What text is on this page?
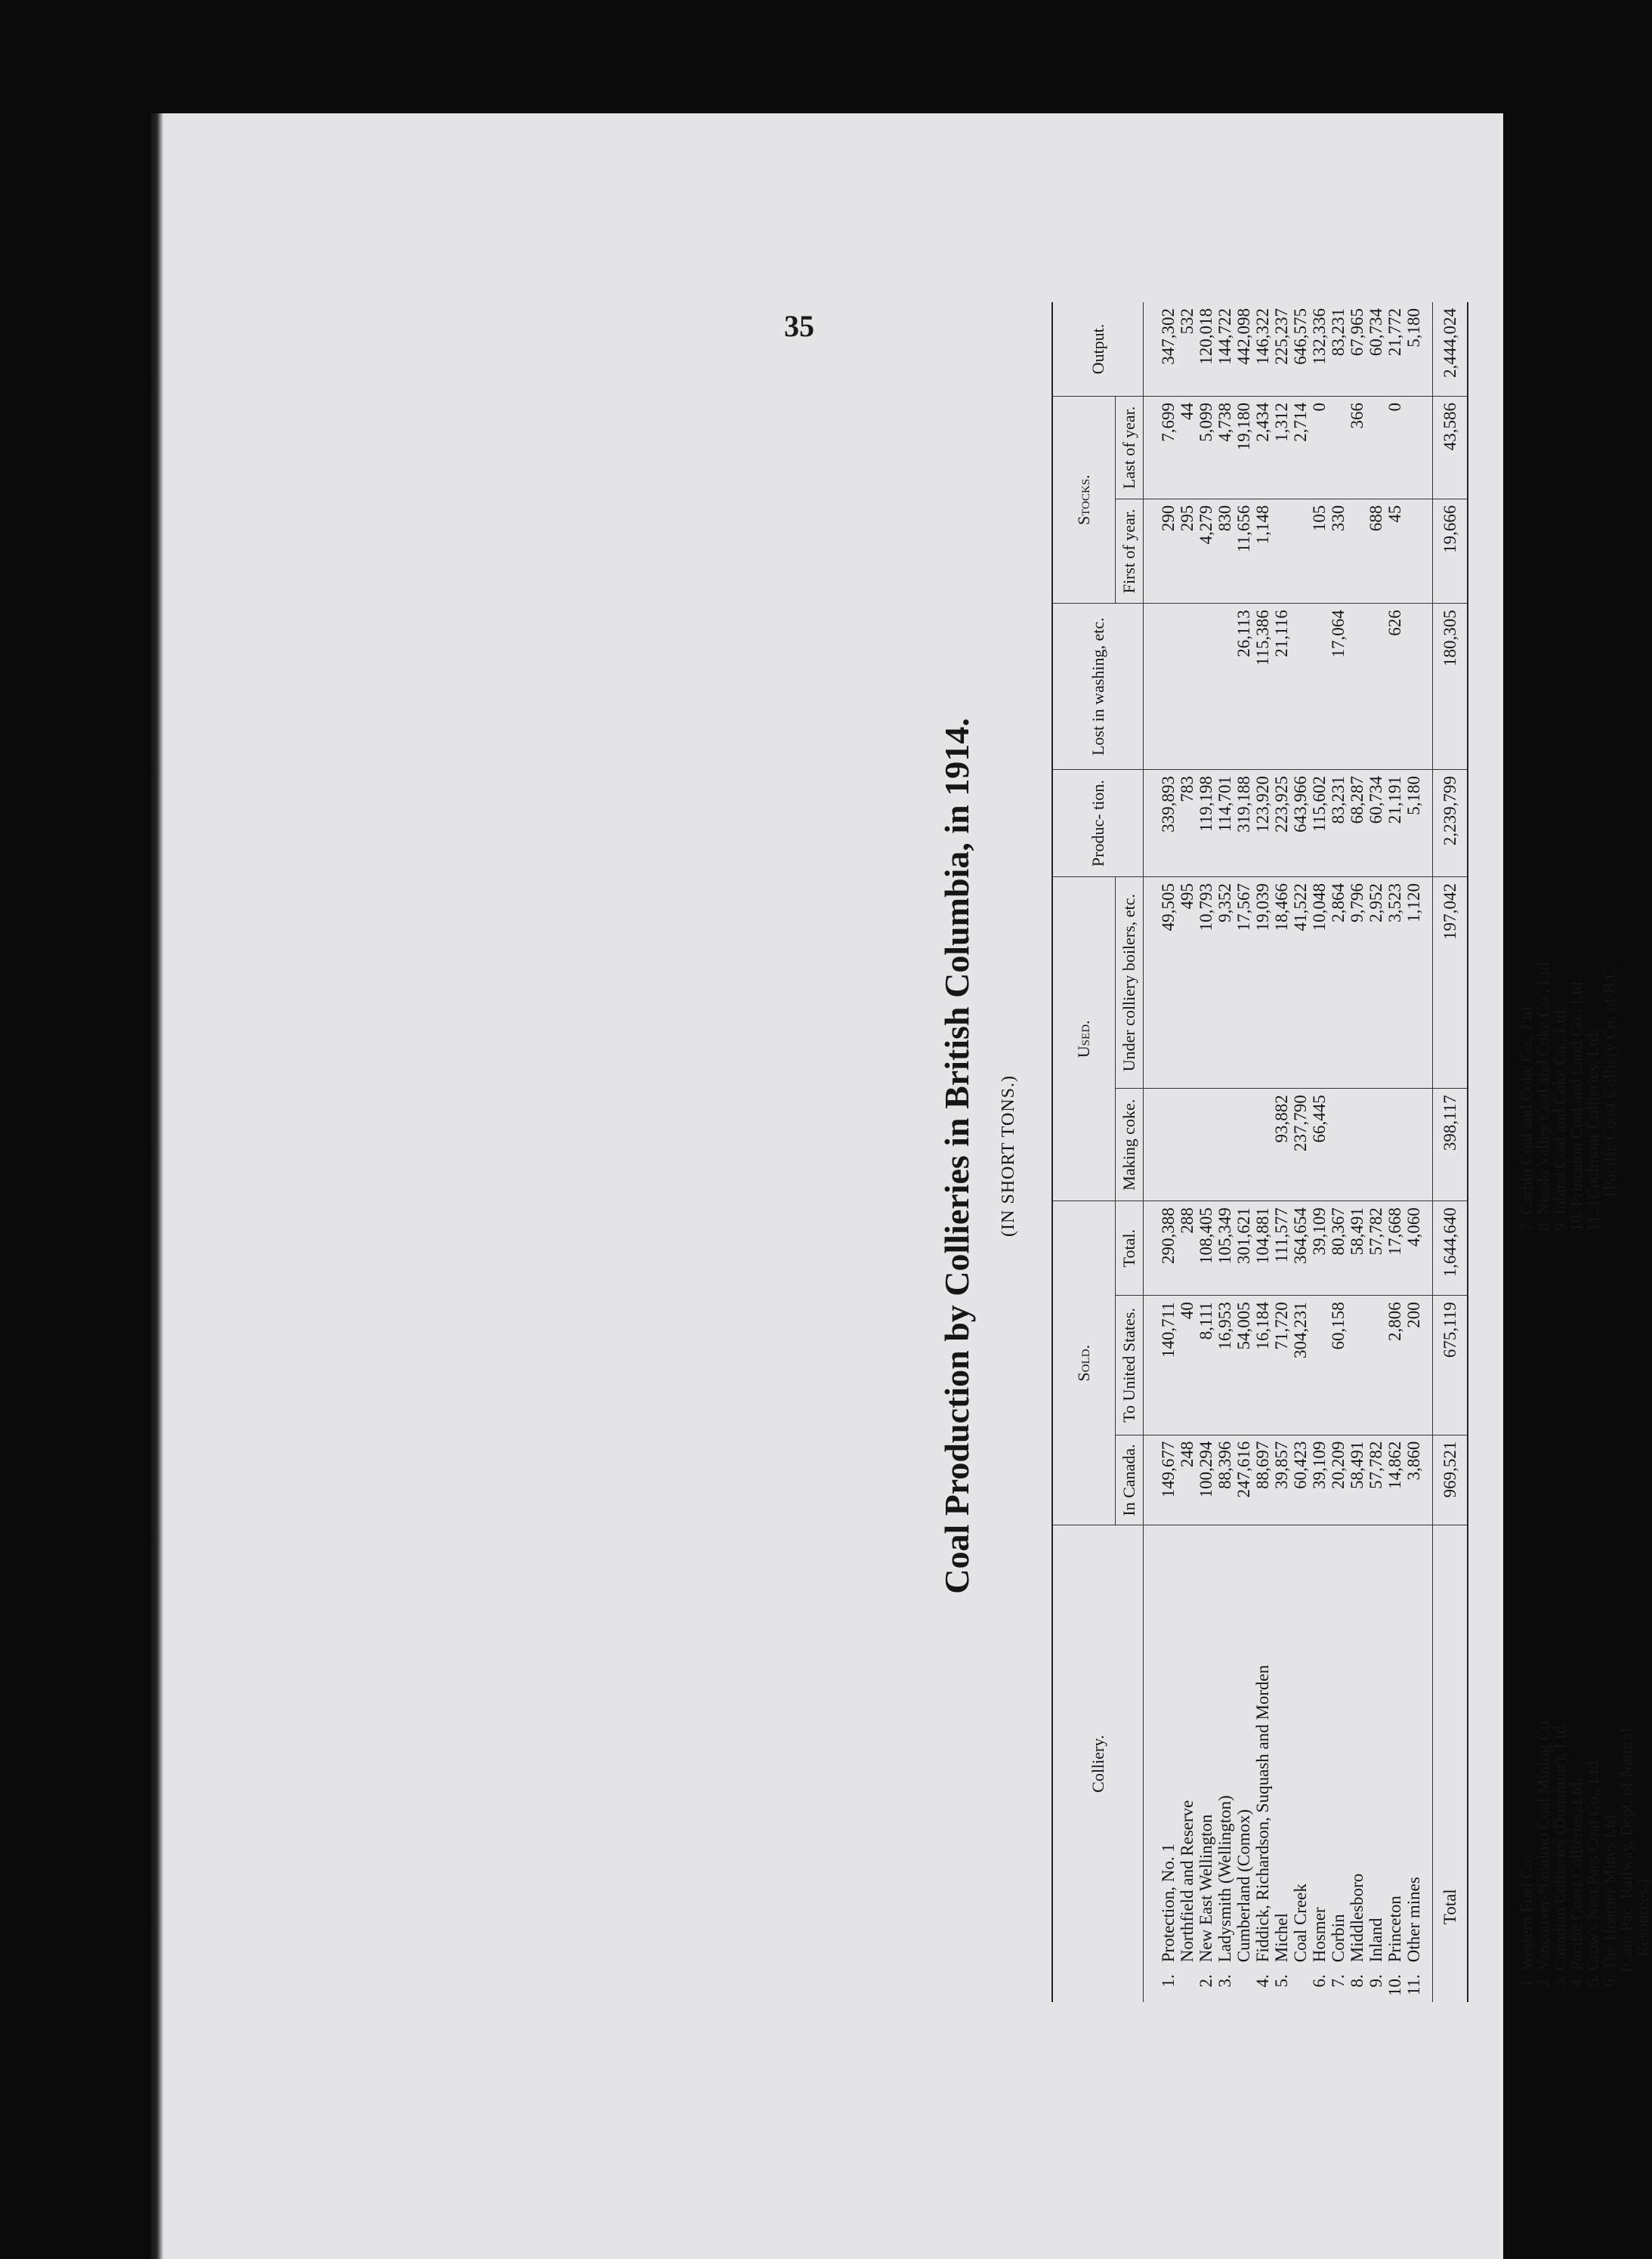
35
Coal Production by Collieries in British Columbia, in 1914. (IN SHORT TONS.)
Colliery.		Sold.			Used.		Produc- tion.	Lost in washing, etc.	Stocks.		Output.
		In Canada.	To United States.	Total.	Making coke.	Under colliery boilers, etc.			First of year.	Last of year.	
1.	Protection, No. 1	149,677	140,711	290,388		49,505	339,893		290	7,699	347,302
	Northfield and Reserve	248	40	288		495	783		295	44	532
2.	New East Wellington	100,294	8,111	108,405		10,793	119,198		4,279	5,099	120,018
3.	Ladysmith (Wellington)	88,396	16,953	105,349		9,352	114,701		830	4,738	144,722
	Cumberland (Comox)	247,616	54,005	301,621		17,567	319,188	26,113	11,656	19,180	442,098
4.	Fiddick, Richardson, Suquash and Morden	88,697	16,184	104,881		19,039	123,920	115,386	1,148	2,434	146,322
5.	Michel	39,857	71,720	111,577	93,882	18,466	223,925	21,116		1,312	225,237
	Coal Creek	60,423	304,231	364,654	237,790	41,522	643,966			2,714	646,575
6.	Hosmer	39,109		39,109	66,445	10,048	115,602		105	0	132,336
7.	Corbin	20,209	60,158	80,367		2,864	83,231	17,064	330		83,231
8.	Middlesboro	58,491		58,491		9,796	68,287			366	67,965
9.	Inland	57,782		57,782		2,952	60,734		688		60,734
10.	Princeton	14,862	2,806	17,668		3,523	21,191	626	45	0	21,772
11.	Other mines	3,860	200	4,060		1,120	5,180				5,180
	Total	969,521	675,119	1,644,640	398,117	197,042	2,239,799	180,305	19,666	43,586	2,444,024
1. Western Fuel Co.
2. Vancouver-Nanaimo Coal Mining Co.
3. Canadian Collieries (Dunsmuir), Ltd.
4. Pacific Coast Collieries, Ltd.
5. Crow's Nest Pass Coal Co., Ltd.
6. The Hosmer Mines Ltd.
(Can. Pac. Railway, Dept. of Natural
Resources.)
7. Corbin Coal and Coke Co., Ltd.
8. Nicola Valley Coal and Coke Co., Ltd.
9. Inland Coal and Coke Co., Ltd.
10. Princeton Coal and Land Co., Ltd.
11. {Coalmont Collieries, Ltd.
{Pacific Coast Colliery Co. of B.C.
